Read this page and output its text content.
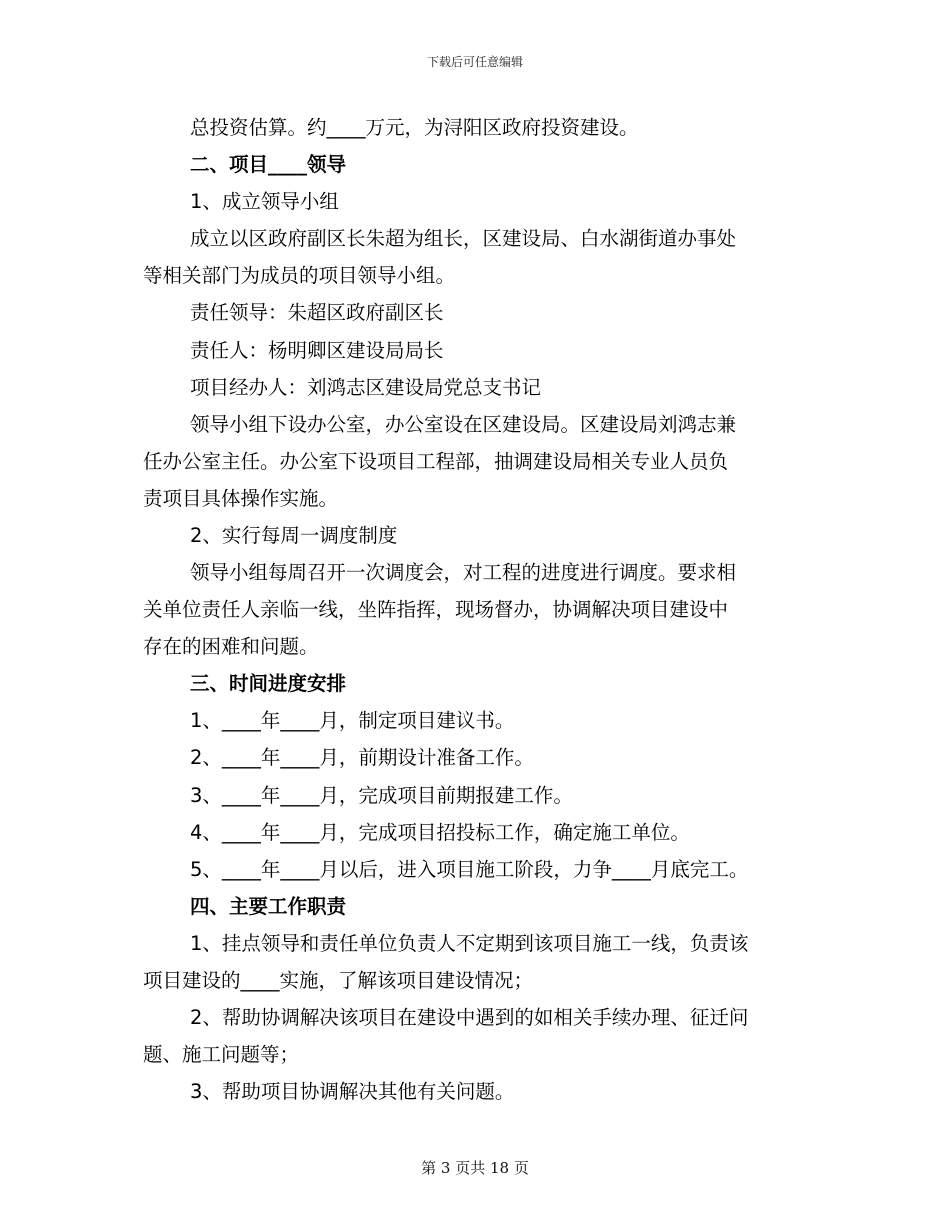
下载后可任意编辑
总投资估算。约____万元，为浔阳区政府投资建设。
二、项目____领导
1、成立领导小组
成立以区政府副区长朱超为组长，区建设局、白水湖街道办事处
等相关部门为成员的项目领导小组。
责任领导：朱超区政府副区长
责任人：杨明卿区建设局局长
项目经办人：刘鸿志区建设局党总支书记
领导小组下设办公室，办公室设在区建设局。区建设局刘鸿志兼
任办公室主任。办公室下设项目工程部，抽调建设局相关专业人员负
责项目具体操作实施。
2、实行每周一调度制度
领导小组每周召开一次调度会，对工程的进度进行调度。要求相
关单位责任人亲临一线，坐阵指挥，现场督办，协调解决项目建设中
存在的困难和问题。
三、时间进度安排
1、____年____月，制定项目建议书。
2、____年____月，前期设计准备工作。
3、____年____月，完成项目前期报建工作。
4、____年____月，完成项目招投标工作，确定施工单位。
5、____年____月以后，进入项目施工阶段，力争____月底完工。
四、主要工作职责
1、挂点领导和责任单位负责人不定期到该项目施工一线，负责该
项目建设的____实施，了解该项目建设情况；
2、帮助协调解决该项目在建设中遇到的如相关手续办理、征迁问
题、施工问题等；
3、帮助项目协调解决其他有关问题。
第 3 页共 18 页
